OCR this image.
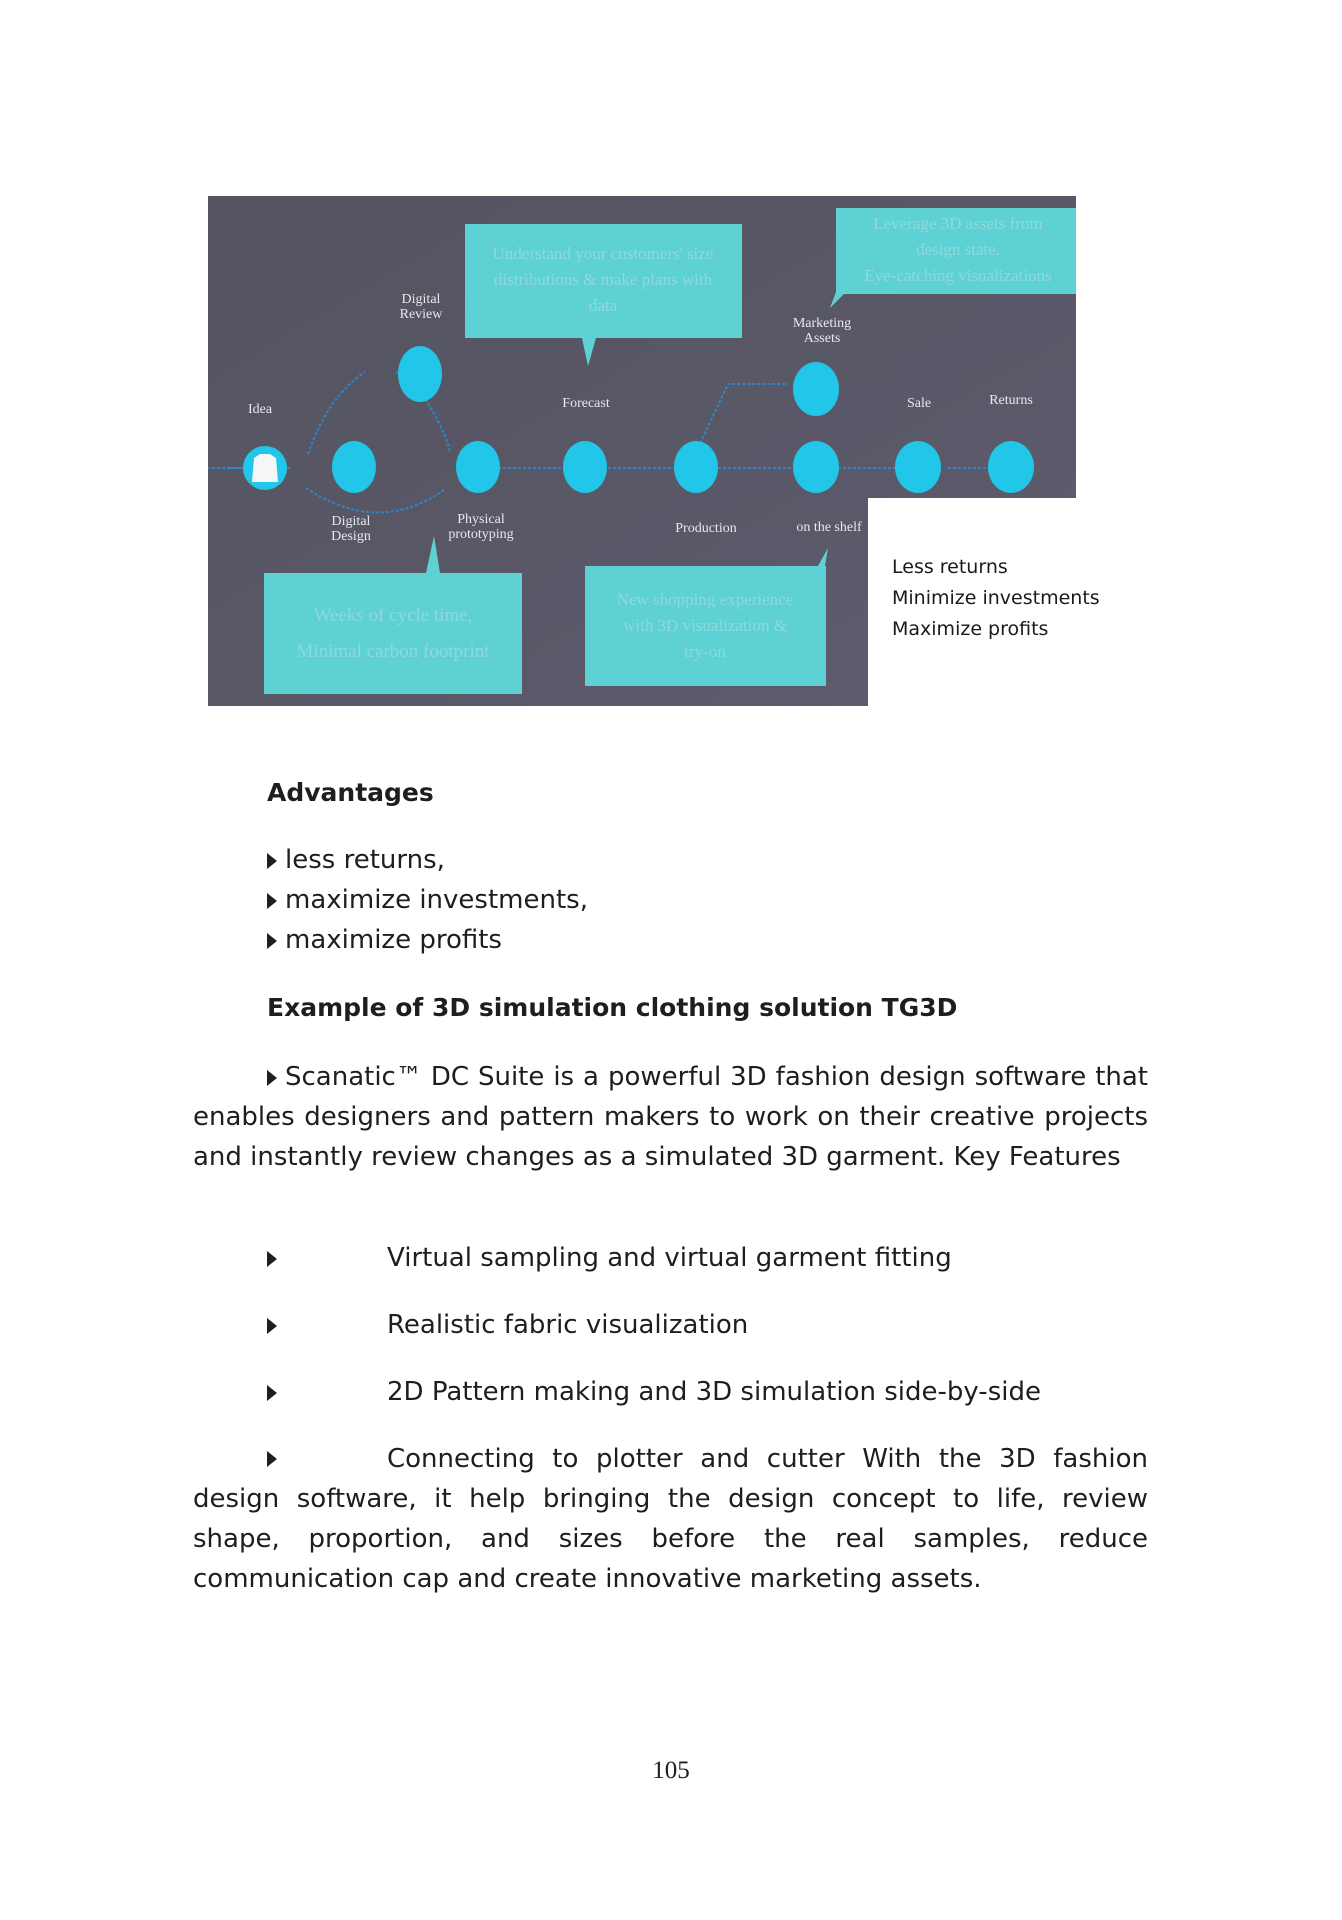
Idea
Digital
Review
Digital
Design
Physical
prototyping
Forecast
Marketing
Assets
Production	on the shelf
Sale	Returns
Understand your customers' size
distributions & make plans with
data
Leverage 3D assets from
design state.
Eye-catching visualizations
Weeks of cycle time,
Minimal carbon footprint
New shopping experience
with 3D visualization &
try-on
Less returns
Minimize investments
Maximize profits
Advantages
less returns,
maximize investments,
maximize profits
Example of 3D simulation clothing solution TG3D
Scanatic™ DC Suite is a powerful 3D fashion design software that enables designers and pattern makers to work on their creative projects and instantly review changes as a simulated 3D garment. Key Features
Virtual sampling and virtual garment fitting
Realistic fabric visualization
2D Pattern making and 3D simulation side-by-side
Connecting to plotter and cutter With the 3D fashion
design software, it help bringing the design concept to life, review shape, proportion, and sizes before the real samples, reduce communication cap and create innovative marketing assets.
105
